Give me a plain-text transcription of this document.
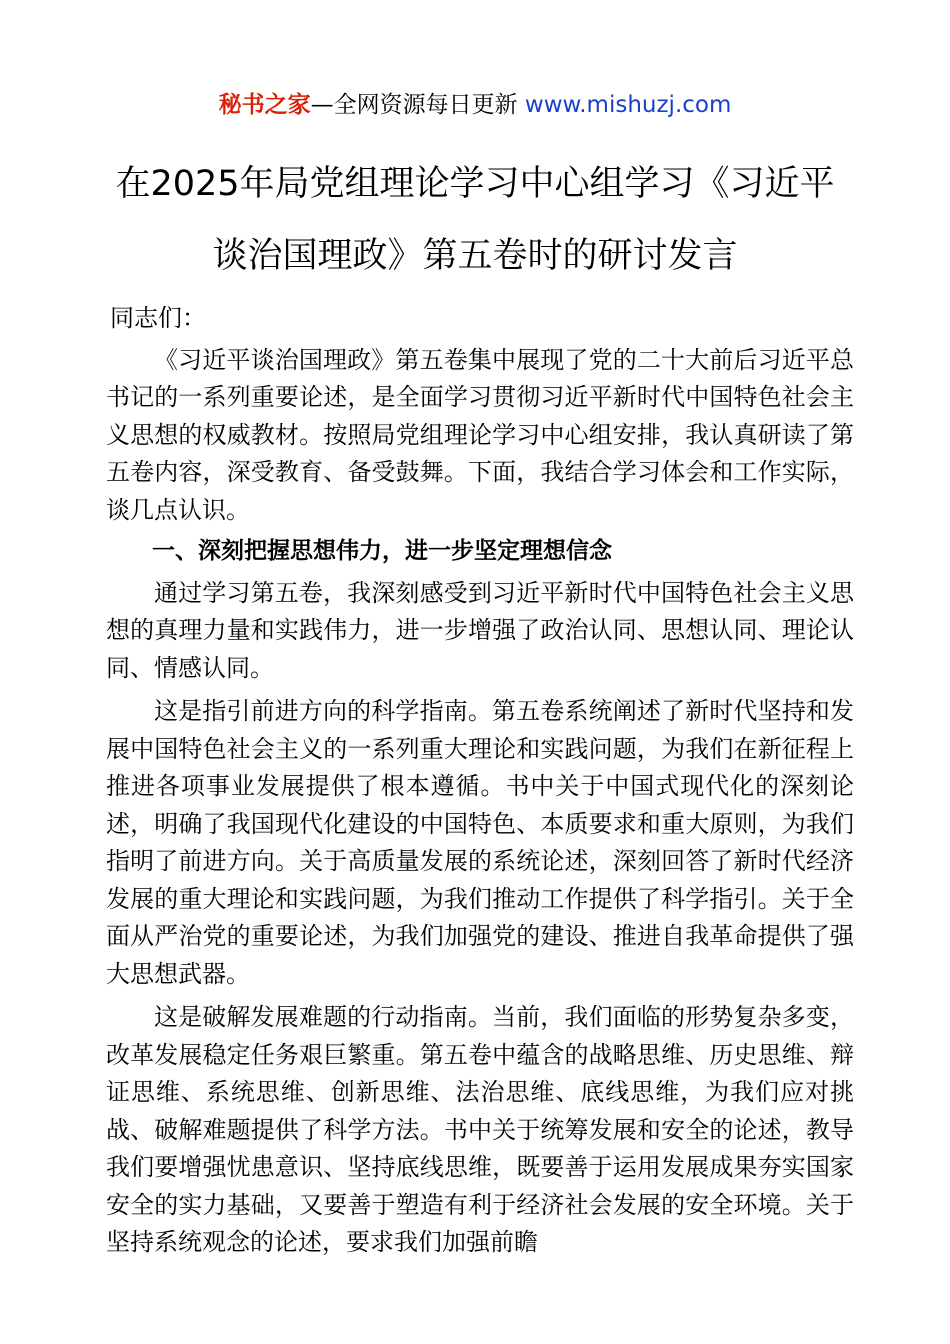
秘书之家—全网资源每日更新 www.mishuzj.com
在2025年局党组理论学习中心组学习《习近平
谈治国理政》第五卷时的研讨发言

同志们：

《习近平谈治国理政》第五卷集中展现了党的二十大前后习近平总书记的一系列重要论述，是全面学习贯彻习近平新时代中国特色社会主义思想的权威教材。按照局党组理论学习中心组安排，我认真研读了第五卷内容，深受教育、备受鼓舞。下面，我结合学习体会和工作实际，谈几点认识。

一、深刻把握思想伟力，进一步坚定理想信念

通过学习第五卷，我深刻感受到习近平新时代中国特色社会主义思想的真理力量和实践伟力，进一步增强了政治认同、思想认同、理论认同、情感认同。

这是指引前进方向的科学指南。第五卷系统阐述了新时代坚持和发展中国特色社会主义的一系列重大理论和实践问题，为我们在新征程上推进各项事业发展提供了根本遵循。书中关于中国式现代化的深刻论述，明确了我国现代化建设的中国特色、本质要求和重大原则，为我们指明了前进方向。关于高质量发展的系统论述，深刻回答了新时代经济发展的重大理论和实践问题，为我们推动工作提供了科学指引。关于全面从严治党的重要论述，为我们加强党的建设、推进自我革命提供了强大思想武器。

这是破解发展难题的行动指南。当前，我们面临的形势复杂多变，改革发展稳定任务艰巨繁重。第五卷中蕴含的战略思维、历史思维、辩证思维、系统思维、创新思维、法治思维、底线思维，为我们应对挑战、破解难题提供了科学方法。书中关于统筹发展和安全的论述，教导我们要增强忧患意识、坚持底线思维，既要善于运用发展成果夯实国家安全的实力基础，又要善于塑造有利于经济社会发展的安全环境。关于坚持系统观念的论述，要求我们加强前瞻
